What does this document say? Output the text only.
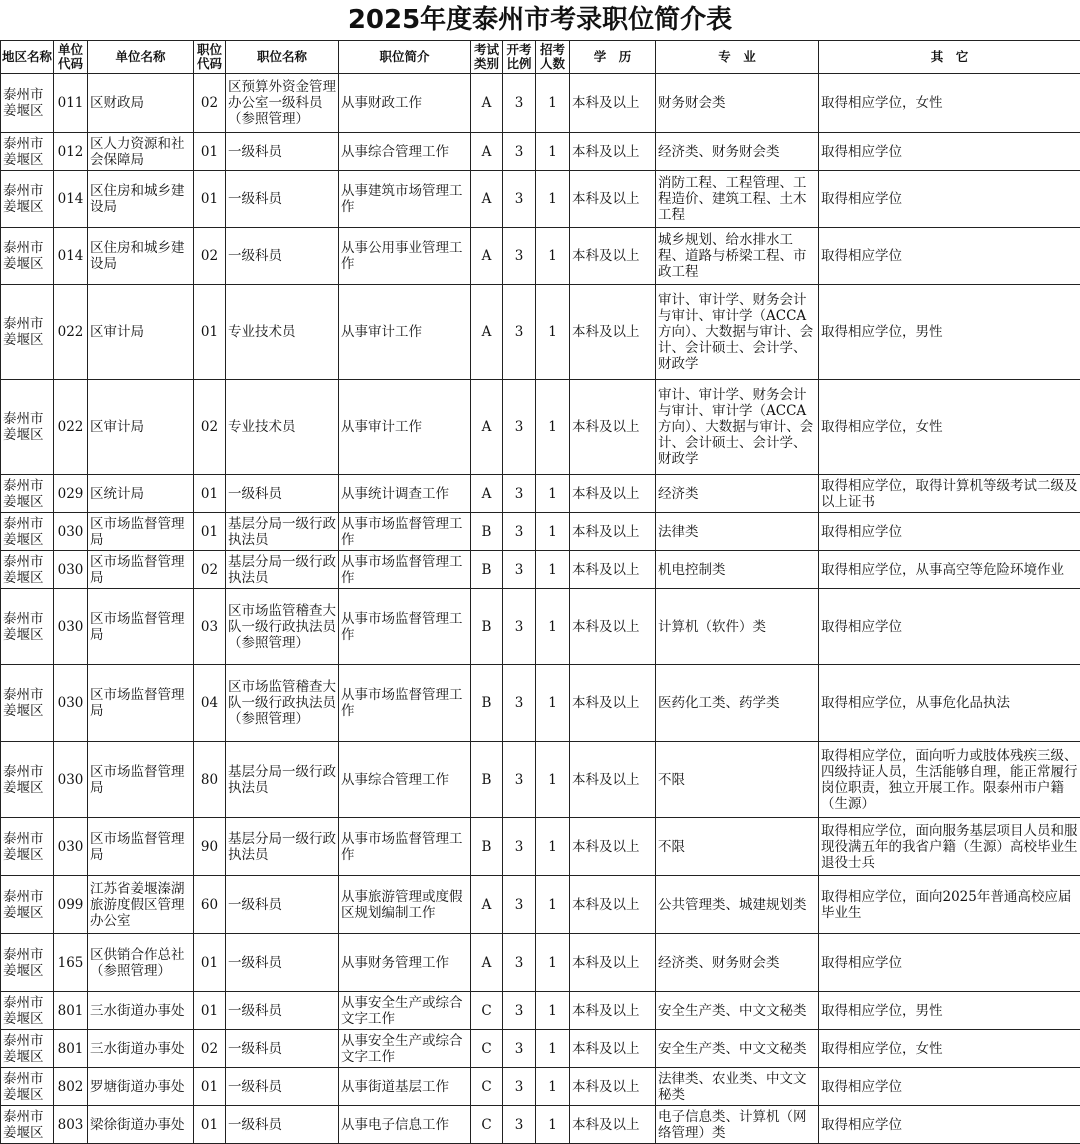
2025年度泰州市考录职位简介表
地区名称	单位代码	单位名称	职位代码	职位名称	职位简介	考试类别	开考比例	招考人数	学　历	专　业	其　它
泰州市姜堰区	011	区财政局	02	区预算外资金管理办公室一级科员（参照管理）	从事财政工作	A	3	1	本科及以上	财务财会类	取得相应学位，女性
泰州市姜堰区	012	区人力资源和社会保障局	01	一级科员	从事综合管理工作	A	3	1	本科及以上	经济类、财务财会类	取得相应学位
泰州市姜堰区	014	区住房和城乡建设局	01	一级科员	从事建筑市场管理工作	A	3	1	本科及以上	消防工程、工程管理、工程造价、建筑工程、土木工程	取得相应学位
泰州市姜堰区	014	区住房和城乡建设局	02	一级科员	从事公用事业管理工作	A	3	1	本科及以上	城乡规划、给水排水工程、道路与桥梁工程、市政工程	取得相应学位
泰州市姜堰区	022	区审计局	01	专业技术员	从事审计工作	A	3	1	本科及以上	审计、审计学、财务会计与审计、审计学（ACCA方向）、大数据与审计、会计、会计硕士、会计学、财政学	取得相应学位，男性
泰州市姜堰区	022	区审计局	02	专业技术员	从事审计工作	A	3	1	本科及以上	审计、审计学、财务会计与审计、审计学（ACCA方向）、大数据与审计、会计、会计硕士、会计学、财政学	取得相应学位，女性
泰州市姜堰区	029	区统计局	01	一级科员	从事统计调查工作	A	3	1	本科及以上	经济类	取得相应学位，取得计算机等级考试二级及以上证书
泰州市姜堰区	030	区市场监督管理局	01	基层分局一级行政执法员	从事市场监督管理工作	B	3	1	本科及以上	法律类	取得相应学位
泰州市姜堰区	030	区市场监督管理局	02	基层分局一级行政执法员	从事市场监督管理工作	B	3	1	本科及以上	机电控制类	取得相应学位，从事高空等危险环境作业
泰州市姜堰区	030	区市场监督管理局	03	区市场监管稽查大队一级行政执法员（参照管理）	从事市场监督管理工作	B	3	1	本科及以上	计算机（软件）类	取得相应学位
泰州市姜堰区	030	区市场监督管理局	04	区市场监管稽查大队一级行政执法员（参照管理）	从事市场监督管理工作	B	3	1	本科及以上	医药化工类、药学类	取得相应学位，从事危化品执法
泰州市姜堰区	030	区市场监督管理局	80	基层分局一级行政执法员	从事综合管理工作	B	3	1	本科及以上	不限	取得相应学位，面向听力或肢体残疾三级、四级持证人员，生活能够自理，能正常履行岗位职责，独立开展工作。限泰州市户籍（生源）
泰州市姜堰区	030	区市场监督管理局	90	基层分局一级行政执法员	从事市场监督管理工作	B	3	1	本科及以上	不限	取得相应学位，面向服务基层项目人员和服现役满五年的我省户籍（生源）高校毕业生退役士兵
泰州市姜堰区	099	江苏省姜堰溱湖旅游度假区管理办公室	60	一级科员	从事旅游管理或度假区规划编制工作	A	3	1	本科及以上	公共管理类、城建规划类	取得相应学位，面向2025年普通高校应届毕业生
泰州市姜堰区	165	区供销合作总社（参照管理）	01	一级科员	从事财务管理工作	A	3	1	本科及以上	经济类、财务财会类	取得相应学位
泰州市姜堰区	801	三水街道办事处	01	一级科员	从事安全生产或综合文字工作	C	3	1	本科及以上	安全生产类、中文文秘类	取得相应学位，男性
泰州市姜堰区	801	三水街道办事处	02	一级科员	从事安全生产或综合文字工作	C	3	1	本科及以上	安全生产类、中文文秘类	取得相应学位，女性
泰州市姜堰区	802	罗塘街道办事处	01	一级科员	从事街道基层工作	C	3	1	本科及以上	法律类、农业类、中文文秘类	取得相应学位
泰州市姜堰区	803	梁徐街道办事处	01	一级科员	从事电子信息工作	C	3	1	本科及以上	电子信息类、计算机（网络管理）类	取得相应学位
